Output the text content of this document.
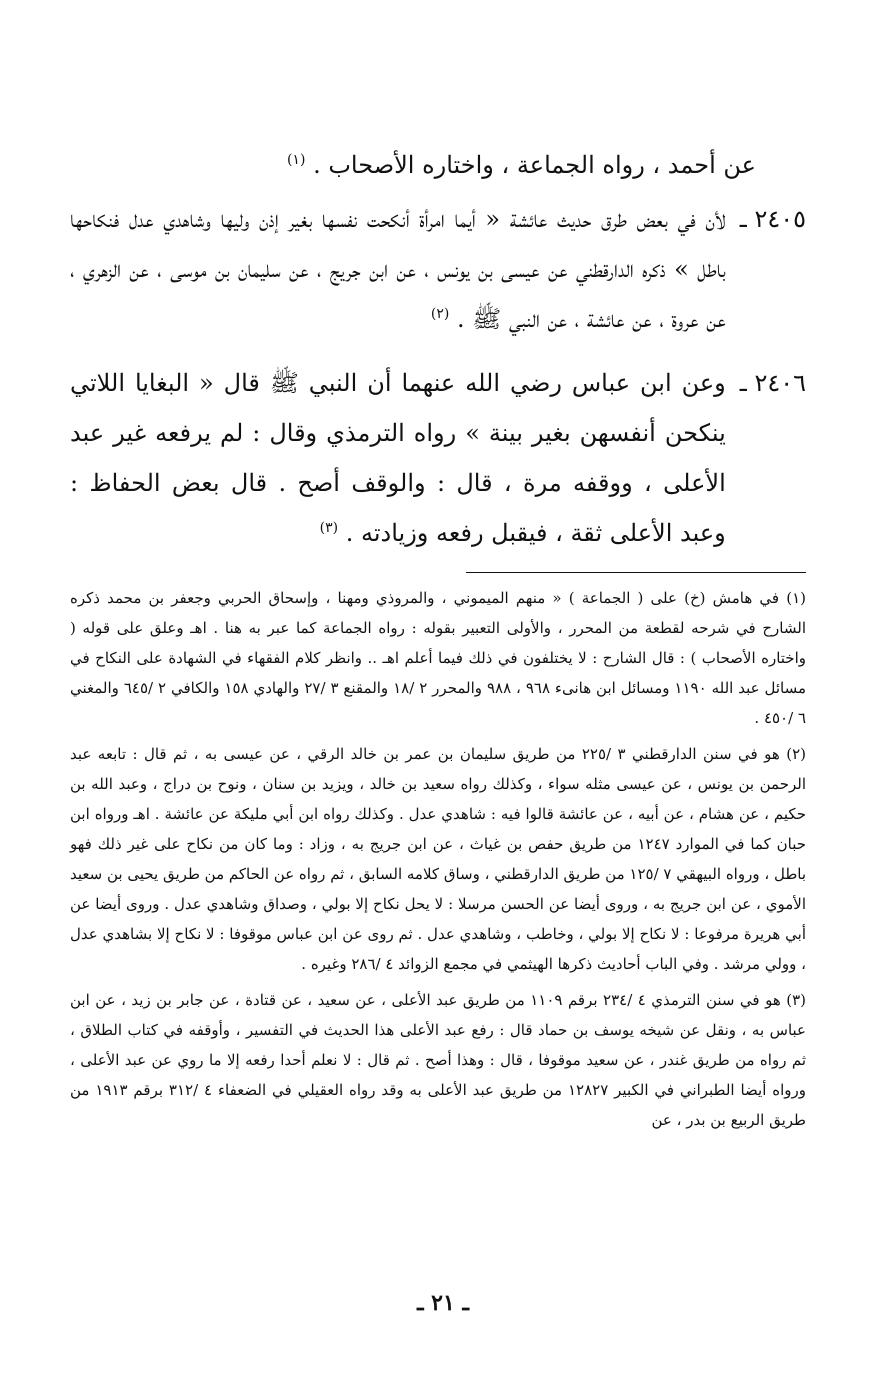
عن أحمد ، رواه الجماعة ، واختاره الأصحاب . $^{(١)}$

٢٤٠٥ ـ

لأن في بعض طرق حديث عائشة « أيما امرأة أنكحت نفسها بغير إذن وليها وشاهدي عدل فنكاحها باطل » ذكره الدارقطني عن عيسى بن يونس ، عن ابن جريج ، عن سليمان بن موسى ، عن الزهري ، عن عروة ، عن عائشة ، عن النبي ﷺ . $^{(٢)}$

٢٤٠٦ ـ

وعن ابن عباس رضي الله عنهما أن النبي ﷺ قال « البغايا اللاتي ينكحن أنفسهن بغير بينة » رواه الترمذي وقال : لم يرفعه غير عبد الأعلى ، ووقفه مرة ، قال : والوقف أصح . قال بعض الحفاظ : وعبد الأعلى ثقة ، فيقبل رفعه وزيادته . $^{(٣)}$

(١) في هامش (خ) على ( الجماعة ) « منهم الميموني ، والمروذي ومهنا ، وإسحاق الحربي وجعفر بن محمد ذكره الشارح في شرحه لقطعة من المحرر ، والأولى التعبير بقوله : رواه الجماعة كما عبر به هنا . اهـ وعلق على قوله ( واختاره الأصحاب ) : قال الشارح : لا يختلفون في ذلك فيما أعلم اهـ .. وانظر كلام الفقهاء في الشهادة على النكاح في مسائل عبد الله ١١٩٠ ومسائل ابن هانىء ٩٦٨ ، ٩٨٨ والمحرر ٢ /١٨ والمقنع ٣ /٢٧ والهادي ١٥٨ والكافي ٢ /٦٤٥ والمغني ٦ /٤٥٠ .

(٢) هو في سنن الدارقطني ٣ /٢٢٥ من طريق سليمان بن عمر بن خالد الرقي ، عن عيسى به ، ثم قال : تابعه عبد الرحمن بن يونس ، عن عيسى مثله سواء ، وكذلك رواه سعيد بن خالد ، ويزيد بن سنان ، ونوح بن دراج ، وعبد الله بن حكيم ، عن هشام ، عن أبيه ، عن عائشة قالوا فيه : شاهدي عدل . وكذلك رواه ابن أبي مليكة عن عائشة . اهـ ورواه ابن حبان كما في الموارد ١٢٤٧ من طريق حفص بن غياث ، عن ابن جريج به ، وزاد : وما كان من نكاح على غير ذلك فهو باطل ، ورواه البيهقي ٧ /١٢٥ من طريق الدارقطني ، وساق كلامه السابق ، ثم رواه عن الحاكم من طريق يحيى بن سعيد الأموي ، عن ابن جريج به ، وروى أيضا عن الحسن مرسلا : لا يحل نكاح إلا بولي ، وصداق وشاهدي عدل . وروى أيضا عن أبي هريرة مرفوعا : لا نكاح إلا بولي ، وخاطب ، وشاهدي عدل . ثم روى عن ابن عباس موقوفا : لا نكاح إلا بشاهدي عدل ، وولي مرشد . وفي الباب أحاديث ذكرها الهيثمي في مجمع الزوائد ٤ /٢٨٦ وغيره .

(٣) هو في سنن الترمذي ٤ /٢٣٤ برقم ١١٠٩ من طريق عبد الأعلى ، عن سعيد ، عن قتادة ، عن جابر بن زيد ، عن ابن عباس به ، ونقل عن شيخه يوسف بن حماد قال : رفع عبد الأعلى هذا الحديث في التفسير ، وأوقفه في كتاب الطلاق ، ثم رواه من طريق غندر ، عن سعيد موقوفا ، قال : وهذا أصح . ثم قال : لا نعلم أحدا رفعه إلا ما روي عن عبد الأعلى ، ورواه أيضا الطبراني في الكبير ١٢٨٢٧ من طريق عبد الأعلى به وقد رواه العقيلي في الضعفاء ٤ /٣١٢ برقم ١٩١٣ من طريق الربيع بن بدر ، عن

ـ ٢١ ـ
